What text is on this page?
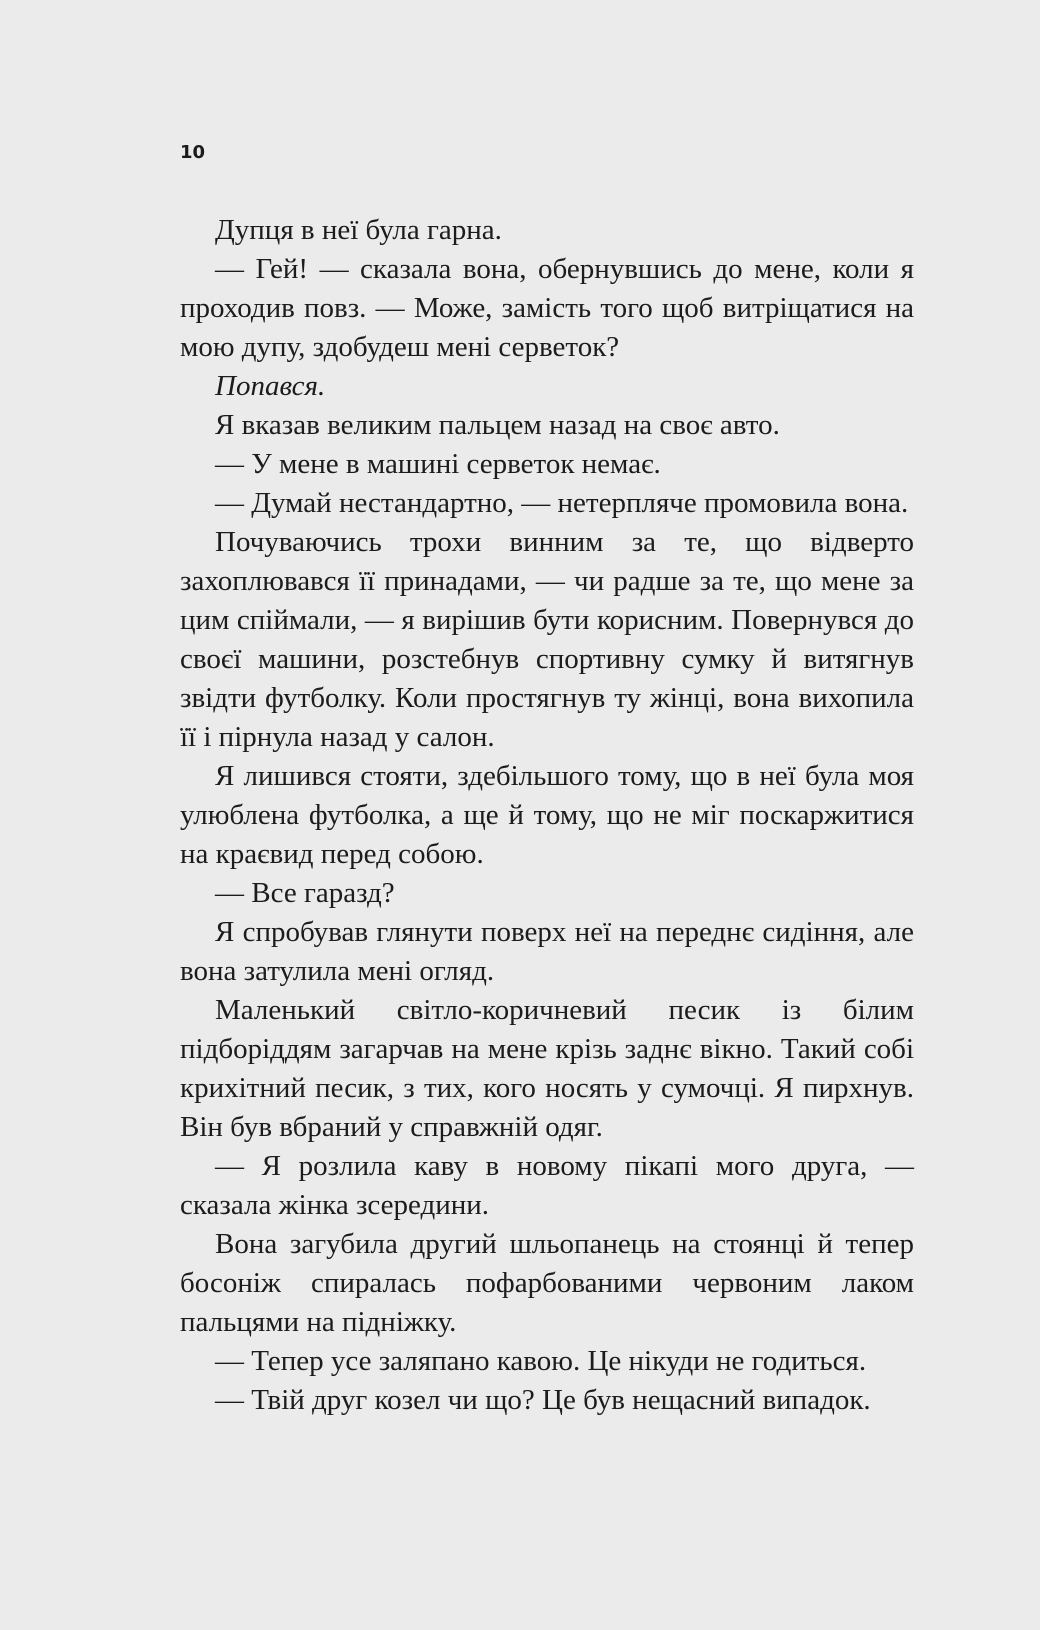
10

Дупця в неї була гарна.

— Гей! — сказала вона, обернувшись до мене, коли я проходив повз. — Може, замість того щоб витріщатися на мою дупу, здобудеш мені серветок?

Попався.

Я вказав великим пальцем назад на своє авто.

— У мене в машині серветок немає.

— Думай нестандартно, — нетерпляче промовила вона.

Почуваючись трохи винним за те, що відверто захоплювався її принадами, — чи радше за те, що мене за цим спіймали, — я вирішив бути корисним. Повернувся до своєї машини, розстебнув спортивну сумку й витягнув звідти футболку. Коли простягнув ту жінці, вона вихопила її і пірнула назад у салон.

Я лишився стояти, здебільшого тому, що в неї була моя улюблена футболка, а ще й тому, що не міг поскаржитися на краєвид перед собою.

— Все гаразд?

Я спробував глянути поверх неї на переднє сидіння, але вона затулила мені огляд.

Маленький світло-коричневий песик із білим підборіддям загарчав на мене крізь заднє вікно. Такий собі крихітний песик, з тих, кого носять у сумочці. Я пирхнув. Він був вбраний у справжній одяг.

— Я розлила каву в новому пікапі мого друга, — сказала жінка зсередини.

Вона загубила другий шльопанець на стоянці й тепер босоніж спиралась пофарбованими червоним лаком пальцями на підніжку.

— Тепер усе заляпано кавою. Це нікуди не годиться.

— Твій друг козел чи що? Це був нещасний випадок.
